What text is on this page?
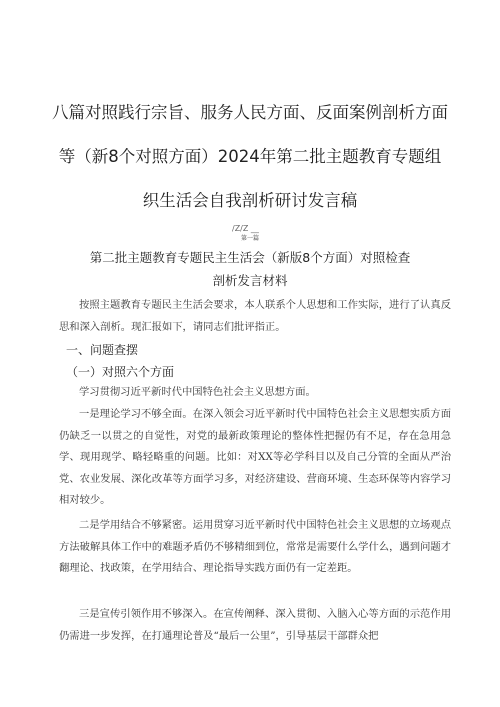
八篇对照践行宗旨、服务人民方面、反面案例剖析方面
等（新8个对照方面）2024年第二批主题教育专题组
织生活会自我剖析研讨发言稿
/Z/Z __
第一篇
第二批主题教育专题民主生活会（新版8个方面）对照检查
剖析发言材料

按照主题教育专题民主生活会要求，本人联系个人思想和工作实际，进行了认真反思和深入剖析。现汇报如下，请同志们批评指正。

一、问题查摆
（一）对照六个方面

学习贯彻习近平新时代中国特色社会主义思想方面。

一是理论学习不够全面。在深入领会习近平新时代中国特色社会主义思想实质方面仍缺乏一以贯之的自觉性，对党的最新政策理论的整体性把握仍有不足，存在急用急学、现用现学、略轻略重的问题。比如：对XX等必学科目以及自己分管的全面从严治党、农业发展、深化改革等方面学习多，对经济建设、营商环境、生态环保等内容学习相对较少。

二是学用结合不够紧密。运用贯穿习近平新时代中国特色社会主义思想的立场观点方法破解具体工作中的难题矛盾仍不够精细到位，常常是需要什么学什么，遇到问题才翻理论、找政策，在学用结合、理论指导实践方面仍有一定差距。

三是宣传引领作用不够深入。在宣传阐释、深入贯彻、入脑入心等方面的示范作用仍需进一步发挥，在打通理论普及“最后一公里”，引导基层干部群众把
